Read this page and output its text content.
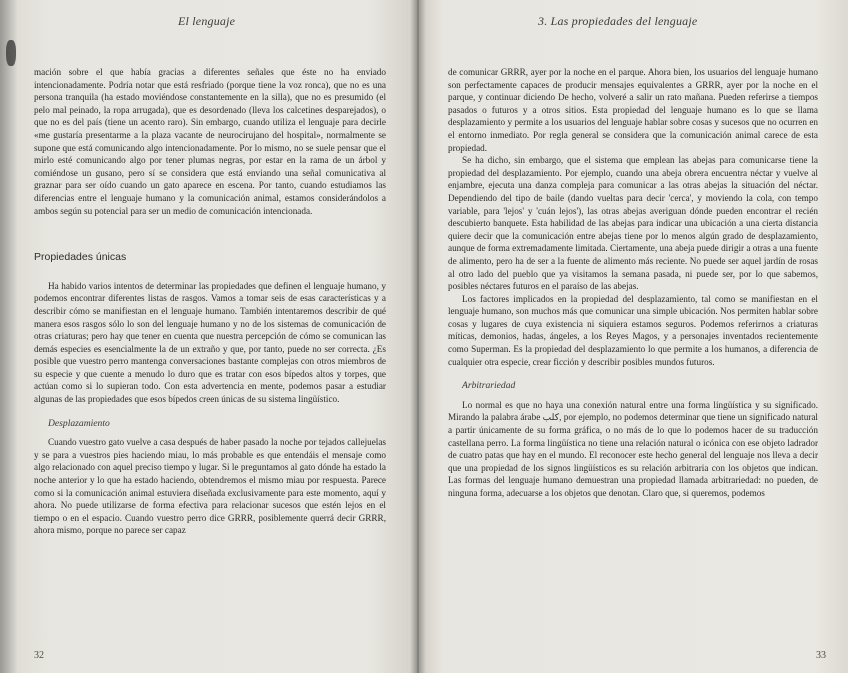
El lenguaje

mación sobre el que había gracias a diferentes señales que éste no ha enviado intencionadamente. Podría notar que está resfriado (porque tiene la voz ronca), que no es una persona tranquila (ha estado moviéndose constantemente en la silla), que no es presumido (el pelo mal peinado, la ropa arrugada), que es desordenado (lleva los calcetines desparejados), o que no es del país (tiene un acento raro). Sin embargo, cuando utiliza el lenguaje para decirle «me gustaría presentarme a la plaza vacante de neurocirujano del hospital», normalmente se supone que está comunicando algo intencionadamente. Por lo mismo, no se suele pensar que el mirlo esté comunicando algo por tener plumas negras, por estar en la rama de un árbol y comiéndose un gusano, pero sí se considera que está enviando una señal comunicativa al graznar para ser oído cuando un gato aparece en escena. Por tanto, cuando estudiamos las diferencias entre el lenguaje humano y la comunicación animal, estamos considerándolos a ambos según su potencial para ser un medio de comunicación intencionada.

Propiedades únicas

Ha habido varios intentos de determinar las propiedades que definen el lenguaje humano, y podemos encontrar diferentes listas de rasgos. Vamos a tomar seis de esas características y a describir cómo se manifiestan en el lenguaje humano. También intentaremos describir de qué manera esos rasgos sólo lo son del lenguaje humano y no de los sistemas de comunicación de otras criaturas; pero hay que tener en cuenta que nuestra percepción de cómo se comunican las demás especies es esencialmente la de un extraño y que, por tanto, puede no ser correcta. ¿Es posible que vuestro perro mantenga conversaciones bastante complejas con otros miembros de su especie y que cuente a menudo lo duro que es tratar con esos bípedos altos y torpes, que actúan como si lo supieran todo. Con esta advertencia en mente, podemos pasar a estudiar algunas de las propiedades que esos bípedos creen únicas de su sistema lingüístico.

Desplazamiento

Cuando vuestro gato vuelve a casa después de haber pasado la noche por tejados callejuelas y se para a vuestros pies haciendo miau, lo más probable es que entendáis el mensaje como algo relacionado con aquel preciso tiempo y lugar. Si le preguntamos al gato dónde ha estado la noche anterior y lo que ha estado haciendo, obtendremos el mismo miau por respuesta. Parece como si la comunicación animal estuviera diseñada exclusivamente para este momento, aquí y ahora. No puede utilizarse de forma efectiva para relacionar sucesos que estén lejos en el tiempo o en el espacio. Cuando vuestro perro dice GRRR, posiblemente querrá decir GRRR, ahora mismo, porque no parece ser capaz

32
3. Las propiedades del lenguaje

de comunicar GRRR, ayer por la noche en el parque. Ahora bien, los usuarios del lenguaje humano son perfectamente capaces de producir mensajes equivalentes a GRRR, ayer por la noche en el parque, y continuar diciendo De hecho, volveré a salir un rato mañana. Pueden referirse a tiempos pasados o futuros y a otros sitios. Esta propiedad del lenguaje humano es lo que se llama desplazamiento y permite a los usuarios del lenguaje hablar sobre cosas y sucesos que no ocurren en el entorno inmediato. Por regla general se considera que la comunicación animal carece de esta propiedad.

Se ha dicho, sin embargo, que el sistema que emplean las abejas para comunicarse tiene la propiedad del desplazamiento. Por ejemplo, cuando una abeja obrera encuentra néctar y vuelve al enjambre, ejecuta una danza compleja para comunicar a las otras abejas la situación del néctar. Dependiendo del tipo de baile (dando vueltas para decir 'cerca', y moviendo la cola, con tempo variable, para 'lejos' y 'cuán lejos'), las otras abejas averiguan dónde pueden encontrar el recién descubierto banquete. Esta habilidad de las abejas para indicar una ubicación a una cierta distancia quiere decir que la comunicación entre abejas tiene por lo menos algún grado de desplazamiento, aunque de forma extremadamente limitada. Ciertamente, una abeja puede dirigir a otras a una fuente de alimento, pero ha de ser a la fuente de alimento más reciente. No puede ser aquel jardín de rosas al otro lado del pueblo que ya visitamos la semana pasada, ni puede ser, por lo que sabemos, posibles néctares futuros en el paraíso de las abejas.

Los factores implicados en la propiedad del desplazamiento, tal como se manifiestan en el lenguaje humano, son muchos más que comunicar una simple ubicación. Nos permiten hablar sobre cosas y lugares de cuya existencia ni siquiera estamos seguros. Podemos referirnos a criaturas míticas, demonios, hadas, ángeles, a los Reyes Magos, y a personajes inventados recientemente como Superman. Es la propiedad del desplazamiento lo que permite a los humanos, a diferencia de cualquier otra especie, crear ficción y describir posibles mundos futuros.

Arbitrariedad

Lo normal es que no haya una conexión natural entre una forma lingüística y su significado. Mirando la palabra árabe كلب, por ejemplo, no podemos determinar que tiene un significado natural a partir únicamente de su forma gráfica, o no más de lo que lo podemos hacer de su traducción castellana perro. La forma lingüística no tiene una relación natural o icónica con ese objeto ladrador de cuatro patas que hay en el mundo. El reconocer este hecho general del lenguaje nos lleva a decir que una propiedad de los signos lingüísticos es su relación arbitraria con los objetos que indican. Las formas del lenguaje humano demuestran una propiedad llamada arbitrariedad: no pueden, de ninguna forma, adecuarse a los objetos que denotan. Claro que, si queremos, podemos

33
